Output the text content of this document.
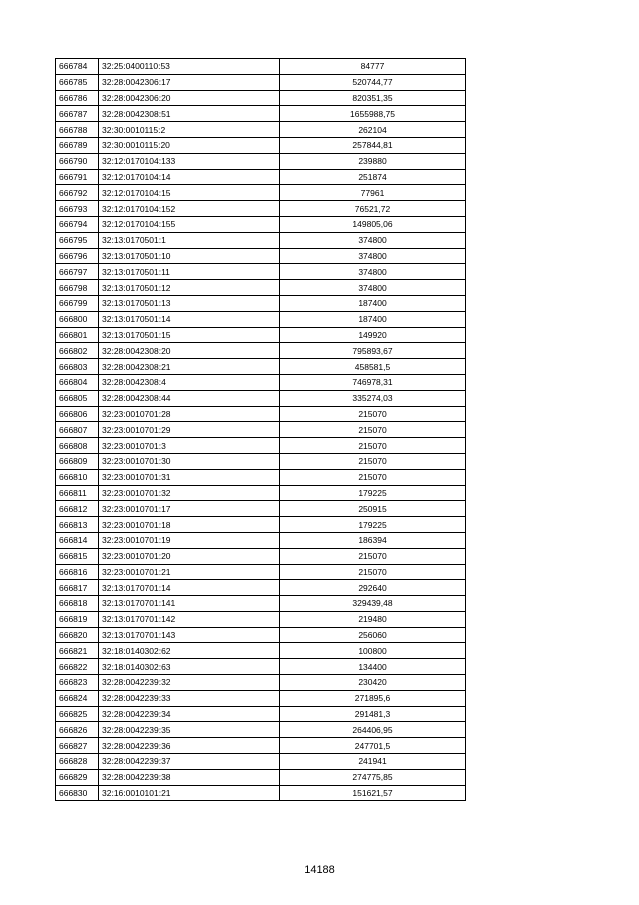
666784	32:25:0400110:53	84777
666785	32:28:0042306:17	520744,77
666786	32:28:0042306:20	820351,35
666787	32:28:0042308:51	1655988,75
666788	32:30:0010115:2	262104
666789	32:30:0010115:20	257844,81
666790	32:12:0170104:133	239880
666791	32:12:0170104:14	251874
666792	32:12:0170104:15	77961
666793	32:12:0170104:152	76521,72
666794	32:12:0170104:155	149805,06
666795	32:13:0170501:1	374800
666796	32:13:0170501:10	374800
666797	32:13:0170501:11	374800
666798	32:13:0170501:12	374800
666799	32:13:0170501:13	187400
666800	32:13:0170501:14	187400
666801	32:13:0170501:15	149920
666802	32:28:0042308:20	795893,67
666803	32:28:0042308:21	458581,5
666804	32:28:0042308:4	746978,31
666805	32:28:0042308:44	335274,03
666806	32:23:0010701:28	215070
666807	32:23:0010701:29	215070
666808	32:23:0010701:3	215070
666809	32:23:0010701:30	215070
666810	32:23:0010701:31	215070
666811	32:23:0010701:32	179225
666812	32:23:0010701:17	250915
666813	32:23:0010701:18	179225
666814	32:23:0010701:19	186394
666815	32:23:0010701:20	215070
666816	32:23:0010701:21	215070
666817	32:13:0170701:14	292640
666818	32:13:0170701:141	329439,48
666819	32:13:0170701:142	219480
666820	32:13:0170701:143	256060
666821	32:18:0140302:62	100800
666822	32:18:0140302:63	134400
666823	32:28:0042239:32	230420
666824	32:28:0042239:33	271895,6
666825	32:28:0042239:34	291481,3
666826	32:28:0042239:35	264406,95
666827	32:28:0042239:36	247701,5
666828	32:28:0042239:37	241941
666829	32:28:0042239:38	274775,85
666830	32:16:0010101:21	151621,57
14188
